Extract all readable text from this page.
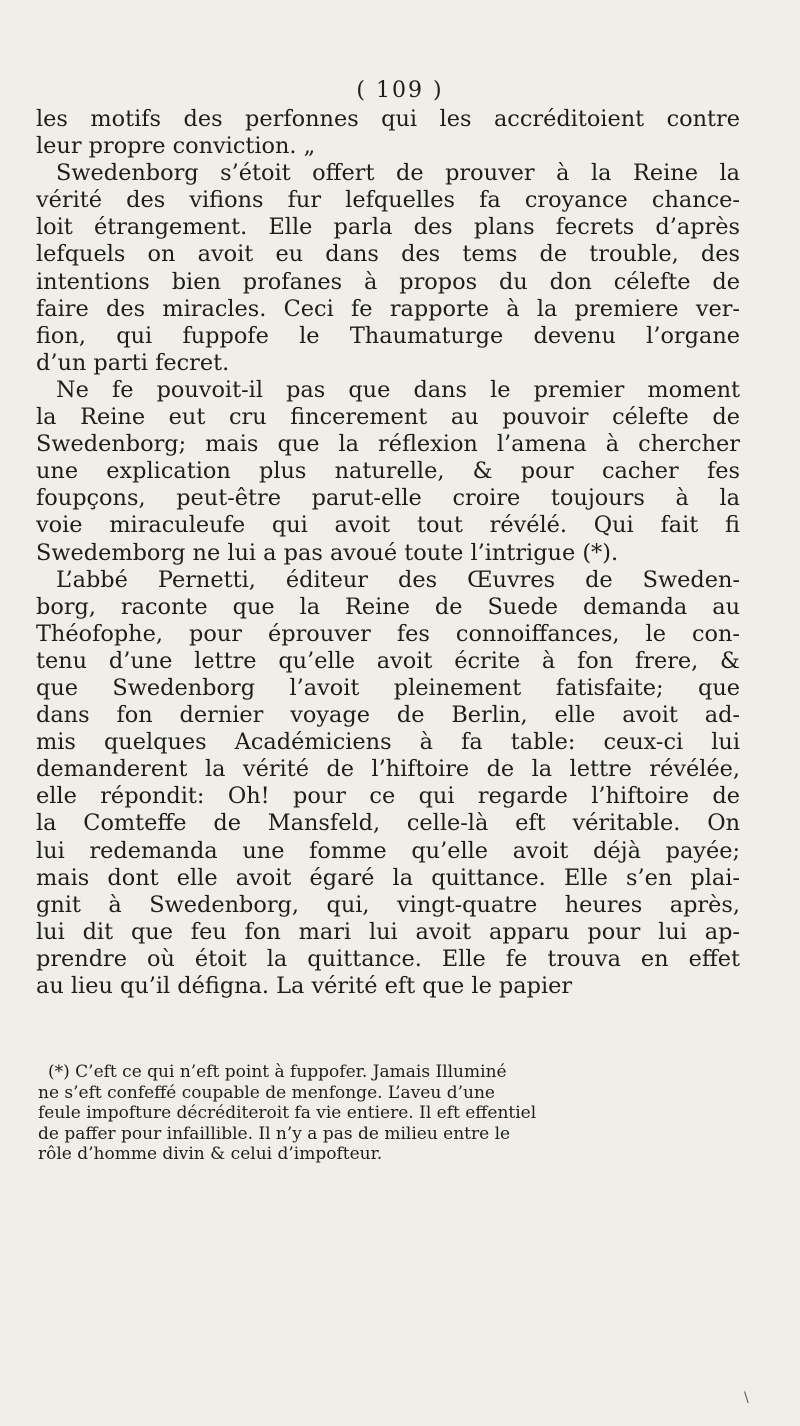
( 109 )
les motifs des perfonnes qui les accréditoient contre
leur propre conviction. „
Swedenborg s’étoit offert de prouver à la Reine la
vérité des vifions fur lefquelles fa croyance chance-
loit étrangement. Elle parla des plans fecrets d’après
lefquels on avoit eu dans des tems de trouble, des
intentions bien profanes à propos du don célefte de
faire des miracles. Ceci fe rapporte à la premiere ver-
fion, qui fuppofe le Thaumaturge devenu l’organe
d’un parti fecret.
Ne fe pouvoit-il pas que dans le premier moment
la Reine eut cru fincerement au pouvoir célefte de
Swedenborg; mais que la réflexion l’amena à chercher
une explication plus naturelle, & pour cacher fes
foupçons, peut-être parut-elle croire toujours à la
voie miraculeufe qui avoit tout révélé. Qui fait fi
Swedemborg ne lui a pas avoué toute l’intrigue (*).
L’abbé Pernetti, éditeur des Œuvres de Sweden-
borg, raconte que la Reine de Suede demanda au
Théofophe, pour éprouver fes connoiffances, le con-
tenu d’une lettre qu’elle avoit écrite à fon frere, &
que Swedenborg l’avoit pleinement fatisfaite; que
dans fon dernier voyage de Berlin, elle avoit ad-
mis quelques Académiciens à fa table: ceux-ci lui
demanderent la vérité de l’hiftoire de la lettre révélée,
elle répondit: Oh! pour ce qui regarde l’hiftoire de
la Comteffe de Mansfeld, celle-là eft véritable. On
lui redemanda une fomme qu’elle avoit déjà payée;
mais dont elle avoit égaré la quittance. Elle s’en plai-
gnit à Swedenborg, qui, vingt-quatre heures après,
lui dit que feu fon mari lui avoit apparu pour lui ap-
prendre où étoit la quittance. Elle fe trouva en effet
au lieu qu’il défigna. La vérité eft que le papier
(*) C’eft ce qui n’eft point à fuppofer. Jamais Illuminé
ne s’eft confeffé coupable de menfonge. L’aveu d’une
feule impofture décréditeroit fa vie entiere. Il eft effentiel
de paffer pour infaillible. Il n’y a pas de milieu entre le
rôle d’homme divin & celui d’impofteur.
\
